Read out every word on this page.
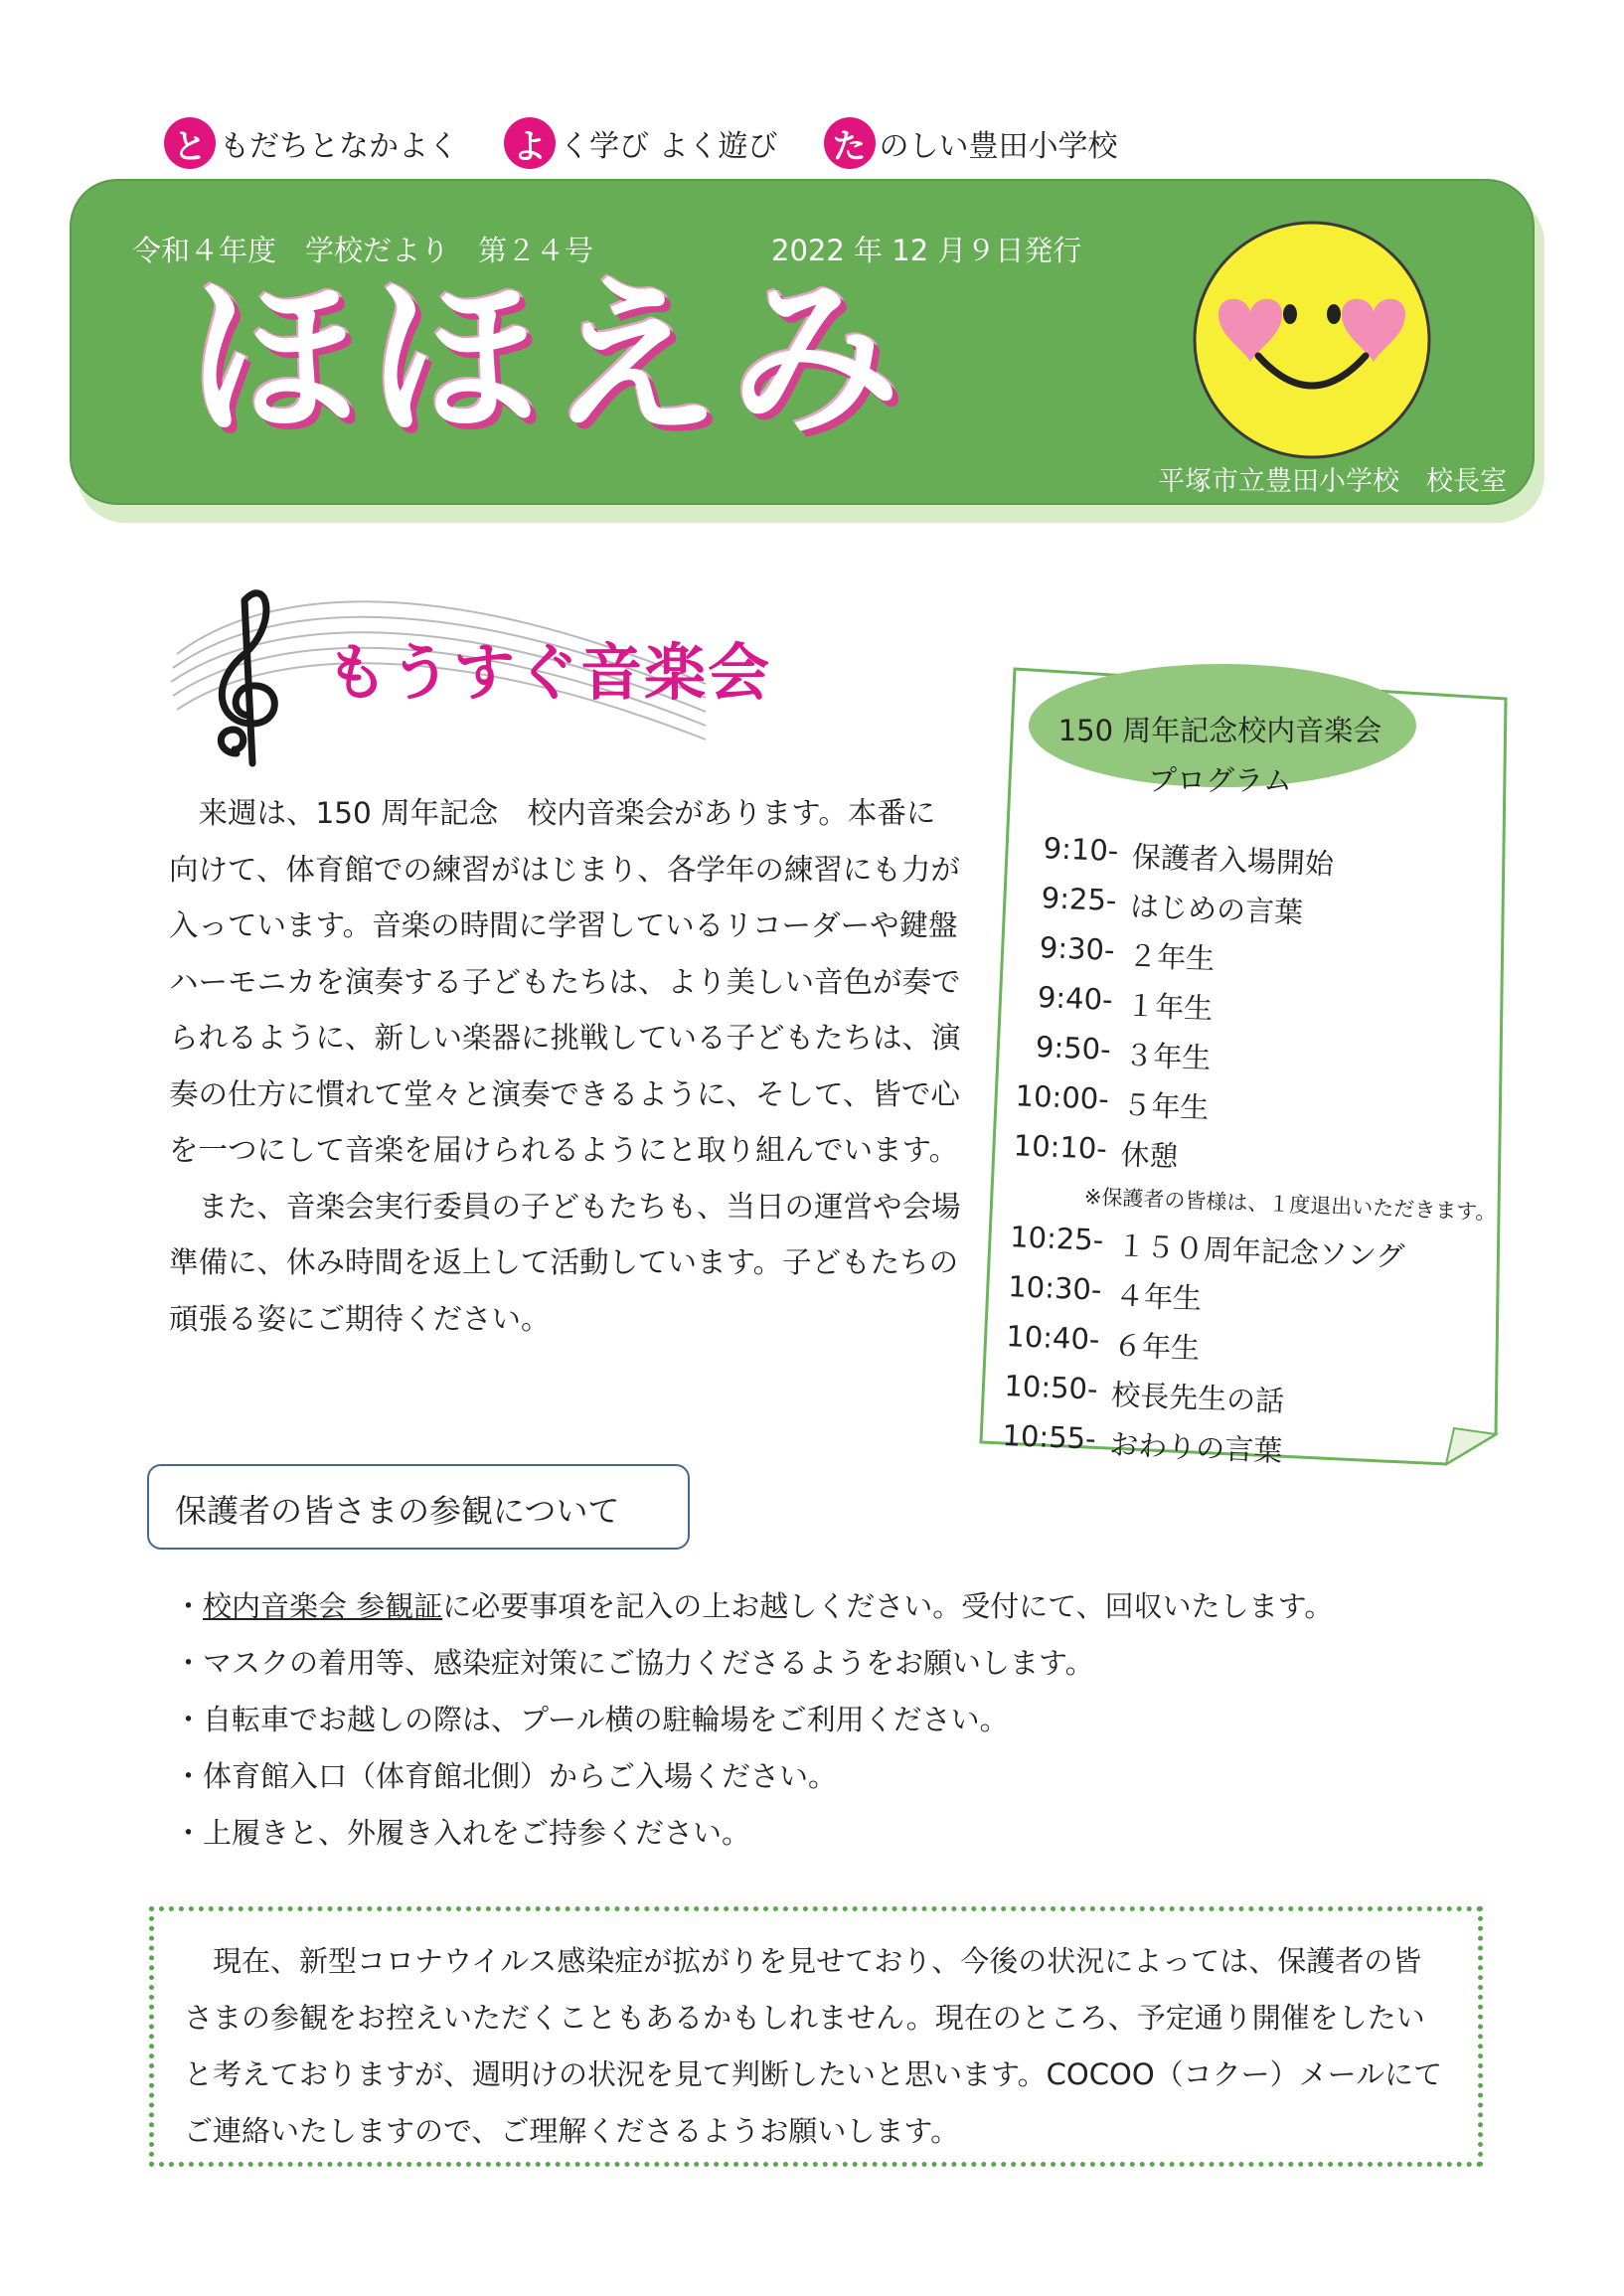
と もだちとなかよく よ く学び よく遊び た のしい豊田小学校
令和４年度　学校だより　第２４号	2022 年 12 月９日発行
ほほえみ
平塚市立豊田小学校　校長室
もうすぐ音楽会

来週は、150 周年記念　校内音楽会があります。本番に向けて、体育館での練習がはじまり、各学年の練習にも力が入っています。音楽の時間に学習しているリコーダーや鍵盤ハーモニカを演奏する子どもたちは、より美しい音色が奏でられるように、新しい楽器に挑戦している子どもたちは、演奏の仕方に慣れて堂々と演奏できるように、そして、皆で心を一つにして音楽を届けられるようにと取り組んでいます。

また、音楽会実行委員の子どもたちも、当日の運営や会場準備に、休み時間を返上して活動しています。子どもたちの頑張る姿にご期待ください。

150 周年記念校内音楽会
プログラム
9:10- 保護者入場開始
9:25- はじめの言葉
9:30- ２年生
9:40- １年生
9:50- ３年生
10:00- ５年生
10:10- 休憩
※保護者の皆様は、１度退出いただきます。
10:25- １５０周年記念ソング
10:30- ４年生
10:40- ６年生
10:50- 校長先生の話
10:55- おわりの言葉
保護者の皆さまの参観について
・校内音楽会 参観証に必要事項を記入の上お越しください。受付にて、回収いたします。
・マスクの着用等、感染症対策にご協力くださるようをお願いします。
・自転車でお越しの際は、プール横の駐輪場をご利用ください。
・体育館入口（体育館北側）からご入場ください。
・上履きと、外履き入れをご持参ください。
現在、新型コロナウイルス感染症が拡がりを見せており、今後の状況によっては、保護者の皆さまの参観をお控えいただくこともあるかもしれません。現在のところ、予定通り開催をしたいと考えておりますが、週明けの状況を見て判断したいと思います。COCOO（コクー）メールにてご連絡いたしますので、ご理解くださるようお願いします。
